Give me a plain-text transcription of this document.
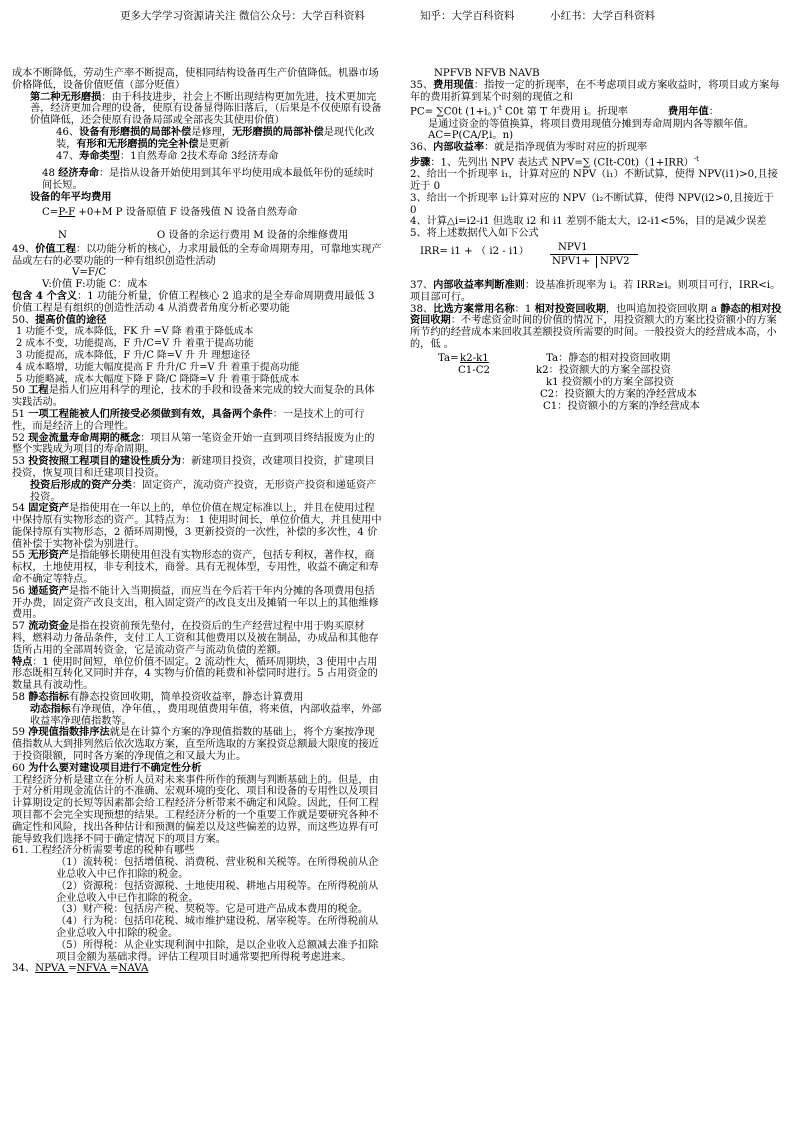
更多大学学习资源请关注 微信公众号：大学百科资料	知乎：大学百科资料	小红书：大学百科资料

成本不断降低，劳动生产率不断提高，使相同结构设备再生产价值降低。机器市场价格降低，设备价值贬值（部分贬值）

第二种无形磨损：由于科技进步，社会上不断出现结构更加先进，技术更加完善，经济更加合理的设备，使原有设备显得陈旧落后，（后果是不仅使原有设备价值降低，还会使原有设备局部或全部丧失其使用价值）

46、设备有形磨损的局部补偿是修理，无形磨损的局部补偿是现代化改装，有形和无形磨损的完全补偿是更新

47、寿命类型：1自然寿命 2技术寿命 3经济寿命

48 经济寿命：是指从设备开始使用到其年平均使用成本最低年份的延续时间长短。

设备的年平均费用

C=P-F +0+M P 设备原值 F 设备残值 N 设备自然寿命

N	O 设备的余运行费用 M 设备的余维修费用

49、价值工程：以功能分析的核心，力求用最低的全寿命周期寿用，可靠地实现产品或左右的必要功能的一种有组织创造性活动

V=F/C

V:价值 F:功能 C：成本

包含 4 个含义：1 功能分析量，价值工程核心 2 追求的是全寿命周期费用最低 3 价值工程是有组织的创造性活动 4 从消费者角度分析必要功能

50、提高价值的途径

1 功能不变，成本降低，FK 升 =V 降 着重于降低成本

2 成本不变，功能提高，F 升/C=V 升 着重于提高功能

3 功能提高，成本降低，F 升/C 降=V 升 升 理想途径

4 成本略增，功能大幅度提高 F 升升/C 升=V 升 着重于提高功能

5 功能略减，成本大幅度下降 F 降/C 降降=V 升 着重于降低成本

50 工程是指人们应用科学的理论，技术的手段和设备来完成的较大而复杂的具体实践活动。

51 一项工程能被人们所接受必须做到有效，具备两个条件：一是技术上的可行性，而是经济上的合理性。

52 现金流量寿命周期的概念：项目从第一笔资金开始一直到项目终结报废为止的整个实践成为项目的寿命周期。

53 投资按照工程项目的建设性质分为：新建项目投资，改建项目投资，扩建项目投资，恢复项目和迁建项目投资。

投资后形成的资产分类：固定资产，流动资产投资，无形资产投资和递延资产投资。

54 固定资产是指使用在一年以上的，单位价值在规定标准以上，并且在使用过程中保持原有实物形态的资产。其特点为： 1 使用时间长，单位价值大，并且使用中能保持原有实物形态，2 循环周期慢，3 更新投资的一次性，补偿的多次性，4 价值补偿于实物补偿为别进行。

55 无形资产是指能够长期使用但没有实物形态的资产，包括专利权，著作权，商标权，土地使用权，非专利技术，商誉。具有无视体型，专用性，收益不确定和寿命不确定等特点。

56 递延资产是指不能计入当期损益，而应当在今后若干年内分摊的各项费用包括开办费，固定资产改良支出，租入固定资产的改良支出及摊销一年以上的其他维修费用。

57 流动资金是指在投资前预先垫付，在投资后的生产经营过程中用于购买原材料，燃料动力备品条件，支付工人工资和其他费用以及被在制品，办成品和其他存货所占用的全部周转资金，它是流动资产与流动负债的差额。

特点：1 使用时间短，单位价值不固定。2 流动性大，循环周期块，3 使用中占用形态既相互转化又同时并存，4 实物与价值的耗费和补偿同时进行。5 占用资金的数量具有波动性。

58 静态指标有静态投资回收期，简单投资收益率，静态计算费用

动态指标有净现值，净年值，，费用现值费用年值，将来值，内部收益率，外部收益率净现值指数等。

59 净现值指数排序法就是在计算个方案的净现值指数的基础上，将个方案按净现值指数从大到排列然后依次选取方案，直至所选取的方案投资总额最大限度的接近于投资限额，同时各方案的净现值之和又最大为止。

60 为什么要对建设项目进行不确定性分析

工程经济分析是建立在分析人员对未来事件所作的预测与判断基础上的。但是，由于对分析用现金流估计的不准确、宏观环境的变化、项目和设备的专用性以及项目计算期设定的长短等因素都会给工程经济分析带来不确定和风险。因此，任何工程项目都不会完全实现预想的结果。工程经济分析的一个重要工作就是要研究各种不确定性和风险，找出各种估计和预测的偏差以及这些偏差的边界，而这些边界有可能导致我们选择不同于确定情况下的项目方案。

61. 工程经济分析需要考虑的税种有哪些

（1）流转税：包括增值税、消费税、营业税和关税等。在所得税前从企业总收入中已作扣除的税金。

（2）资源税：包括资源税、土地使用税、耕地占用税等。在所得税前从企业总收入中已作扣除的税金。

（3）财产税：包括房产税、契税等。它是可进产品成本费用的税金。

（4）行为税：包括印花税、城市维护建设税、屠宰税等。在所得税前从企业总收入中扣除的税金。

（5）所得税：从企业实现利润中扣除，是以企业收入总额减去准予扣除项目金额为基础求得。评估工程项目时通常要把所得税考虑进来。

34、NPVA =NFVA =NAVA

NPFVB NFVB NAVB

35、费用现值：指按一定的折现率，在不考虑项目或方案收益时，将项目或方案每年的费用折算到某个时刻的现值之和

PC= ∑C0t (1+i。)$^{-t}$ C0t 第 T 年费用 i。折现率	费用年值：

是通过资金的等值换算，将项目费用现值分摊到寿命周期内各等额年值。 AC=P(CA/P,i。n)

36、内部收益率：就是指净现值为零时对应的折现率

步骤：1、先列出 NPV 表达式 NPV=∑ $(CIt-C0t)(1+IRR)^{-t}$

2、给出一个折现率 i₁，计算对应的 NPV（i₁）不断试算，使得 NPV(i1)>0,且接近于 0

3、给出一个折现率 i₂计算对应的 NPV（i₂不断试算，使得 NPV(i2>0,且接近于 0

4、计算△i=i2-i1 但选取 i2 和 i1 差别不能太大，i2-i1<5%，目的是减少误差

5、将上述数据代入如下公式

IRR= i1 + （ i2 - i1）	NPV1
NPV1+ NPV2

37、内部收益率判断准则：设基准折现率为 i。若 IRR≥i。则项目可行，IRR<i。项目部可行。

38、比选方案常用名称：1 相对投资回收期，也叫追加投资回收期 a 静态的相对投资回收期：不考虑资金时间的价值的情况下，用投资额大的方案比投资额小的方案所节约的经营成本来回收其差额投资所需要的时间。一般投资大的经营成本高，小的，低 。

Ta= k2-k1
C1-C2
Ta：静态的相对投资回收期
k2：投资额大的方案全部投资
k1 投资额小的方案全部投资
C2：投资额大的方案的净经营成本
C1：投资额小的方案的净经营成本
